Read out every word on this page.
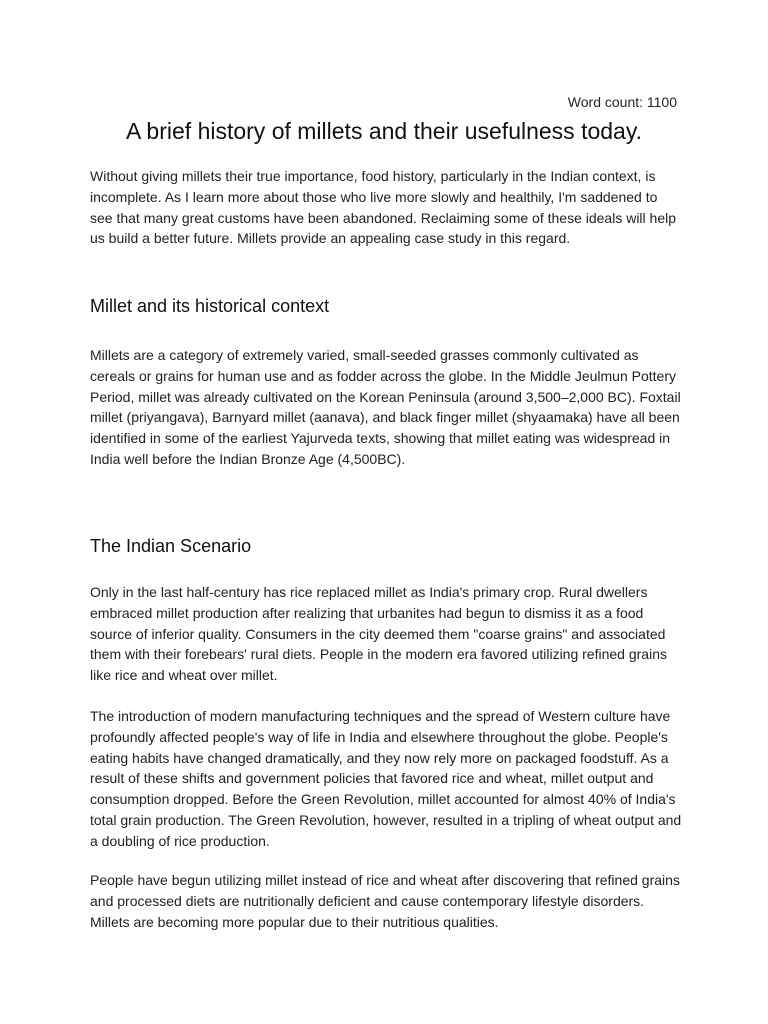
Word count: 1100
A brief history of millets and their usefulness today.

Without giving millets their true importance, food history, particularly in the Indian context, is incomplete. As I learn more about those who live more slowly and healthily, I'm saddened to see that many great customs have been abandoned. Reclaiming some of these ideals will help us build a better future. Millets provide an appealing case study in this regard.

Millet and its historical context

Millets are a category of extremely varied, small-seeded grasses commonly cultivated as cereals or grains for human use and as fodder across the globe. In the Middle Jeulmun Pottery Period, millet was already cultivated on the Korean Peninsula (around 3,500–2,000 BC). Foxtail millet (priyangava), Barnyard millet (aanava), and black finger millet (shyaamaka) have all been identified in some of the earliest Yajurveda texts, showing that millet eating was widespread in India well before the Indian Bronze Age (4,500BC).

The Indian Scenario

Only in the last half-century has rice replaced millet as India's primary crop. Rural dwellers embraced millet production after realizing that urbanites had begun to dismiss it as a food source of inferior quality. Consumers in the city deemed them "coarse grains" and associated them with their forebears' rural diets. People in the modern era favored utilizing refined grains like rice and wheat over millet.

The introduction of modern manufacturing techniques and the spread of Western culture have profoundly affected people's way of life in India and elsewhere throughout the globe. People's eating habits have changed dramatically, and they now rely more on packaged foodstuff. As a result of these shifts and government policies that favored rice and wheat, millet output and consumption dropped. Before the Green Revolution, millet accounted for almost 40% of India's total grain production. The Green Revolution, however, resulted in a tripling of wheat output and a doubling of rice production.

People have begun utilizing millet instead of rice and wheat after discovering that refined grains and processed diets are nutritionally deficient and cause contemporary lifestyle disorders. Millets are becoming more popular due to their nutritious qualities.
